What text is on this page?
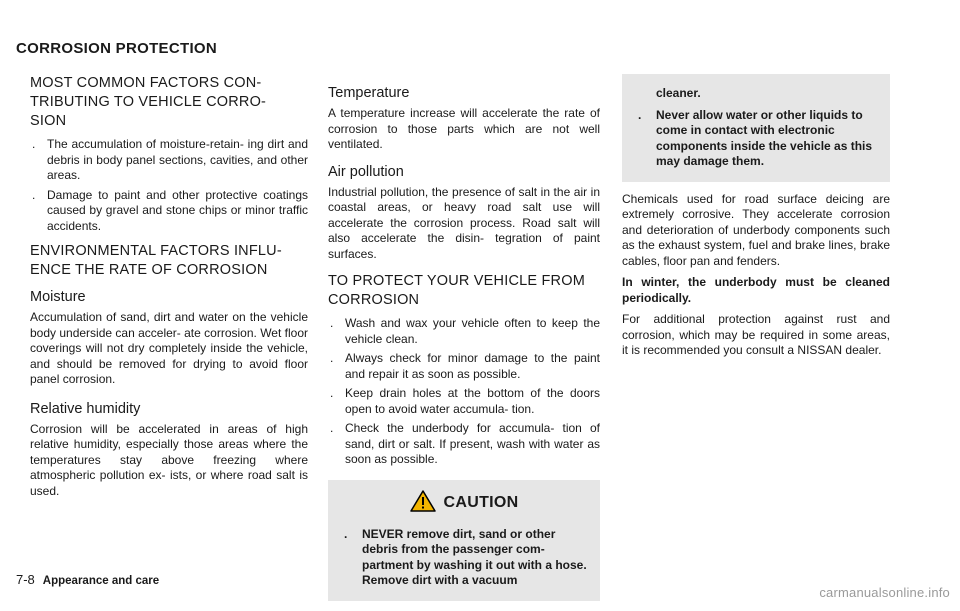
CORROSION PROTECTION
MOST COMMON FACTORS CON-
TRIBUTING TO VEHICLE CORRO-
SION
. The accumulation of moisture-retain- ing dirt and debris in body panel sections, cavities, and other areas.
. Damage to paint and other protective coatings caused by gravel and stone chips or minor traffic accidents.
ENVIRONMENTAL FACTORS INFLU-
ENCE THE RATE OF CORROSION
Moisture

Accumulation of sand, dirt and water on the vehicle body underside can acceler- ate corrosion. Wet floor coverings will not dry completely inside the vehicle, and should be removed for drying to avoid floor panel corrosion.

Relative humidity

Corrosion will be accelerated in areas of high relative humidity, especially those areas where the temperatures stay above freezing where atmospheric pollution ex- ists, or where road salt is used.

Temperature

A temperature increase will accelerate the rate of corrosion to those parts which are not well ventilated.

Air pollution

Industrial pollution, the presence of salt in the air in coastal areas, or heavy road salt use will accelerate the corrosion process. Road salt will also accelerate the disin- tegration of paint surfaces.

TO PROTECT YOUR VEHICLE FROM
CORROSION
. Wash and wax your vehicle often to keep the vehicle clean.
. Always check for minor damage to the paint and repair it as soon as possible.
. Keep drain holes at the bottom of the doors open to avoid water accumula- tion.
. Check the underbody for accumula- tion of sand, dirt or salt. If present, wash with water as soon as possible.
CAUTION
. NEVER remove dirt, sand or other debris from the passenger com- partment by washing it out with a hose. Remove dirt with a vacuum
cleaner.
. Never allow water or other liquids to come in contact with electronic components inside the vehicle as this may damage them.

Chemicals used for road surface deicing are extremely corrosive. They accelerate corrosion and deterioration of underbody components such as the exhaust system, fuel and brake lines, brake cables, floor pan and fenders.

In winter, the underbody must be cleaned periodically.

For additional protection against rust and corrosion, which may be required in some areas, it is recommended you consult a NISSAN dealer.

7-8 Appearance and care
carmanualsonline.info
